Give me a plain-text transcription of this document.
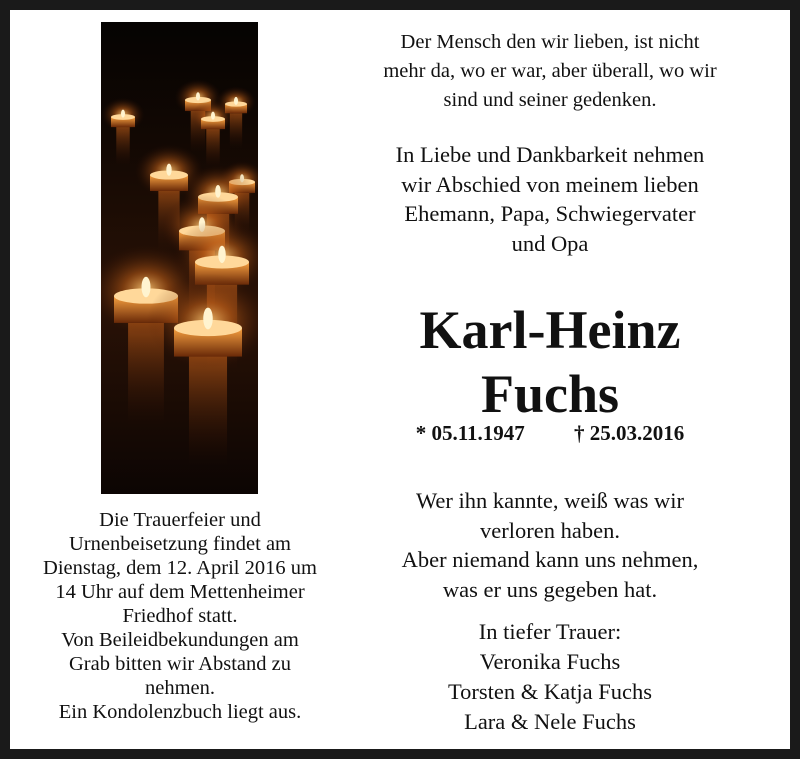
Die Trauerfeier und
Urnenbeisetzung findet am
Dienstag, dem 12. April 2016 um
14 Uhr auf dem Mettenheimer
Friedhof statt.
Von Beileidbekundungen am
Grab bitten wir Abstand zu
nehmen.
Ein Kondolenzbuch liegt aus.
Der Mensch den wir lieben, ist nicht
mehr da, wo er war, aber überall, wo wir
sind und seiner gedenken.
In Liebe und Dankbarkeit nehmen
wir Abschied von meinem lieben
Ehemann, Papa, Schwiegervater
und Opa
Karl-Heinz
Fuchs
* 05.11.1947 † 25.03.2016
Wer ihn kannte, weiß was wir
verloren haben.
Aber niemand kann uns nehmen,
was er uns gegeben hat.
In tiefer Trauer:
Veronika Fuchs
Torsten & Katja Fuchs
Lara & Nele Fuchs
